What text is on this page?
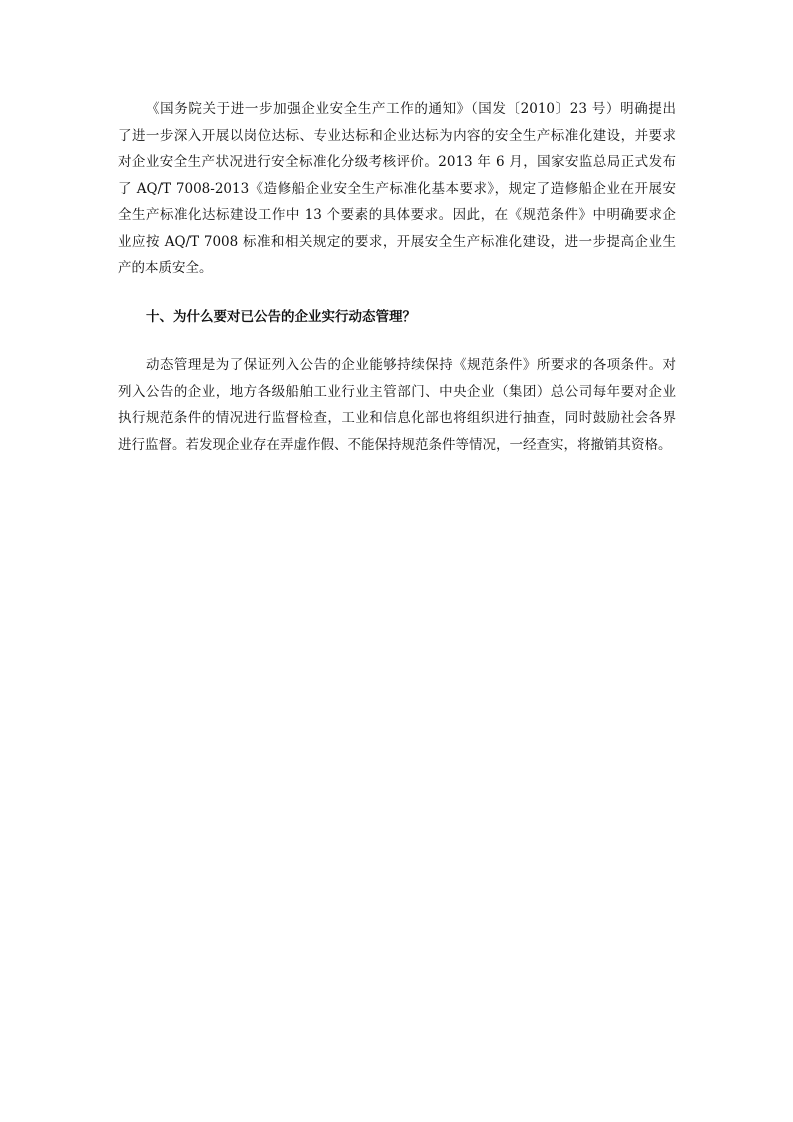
《国务院关于进一步加强企业安全生产工作的通知》（国发〔2010〕23 号）明确提出
了进一步深入开展以岗位达标、专业达标和企业达标为内容的安全生产标准化建设，并要求
对企业安全生产状况进行安全标准化分级考核评价。2013 年 6 月，国家安监总局正式发布
了 AQ/T 7008-2013《造修船企业安全生产标准化基本要求》，规定了造修船企业在开展安
全生产标准化达标建设工作中 13 个要素的具体要求。因此，在《规范条件》中明确要求企
业应按 AQ/T 7008 标准和相关规定的要求，开展安全生产标准化建设，进一步提高企业生
产的本质安全。
十、为什么要对已公告的企业实行动态管理？
动态管理是为了保证列入公告的企业能够持续保持《规范条件》所要求的各项条件。对
列入公告的企业，地方各级船舶工业行业主管部门、中央企业（集团）总公司每年要对企业
执行规范条件的情况进行监督检查，工业和信息化部也将组织进行抽查，同时鼓励社会各界
进行监督。若发现企业存在弄虚作假、不能保持规范条件等情况，一经查实，将撤销其资格。
